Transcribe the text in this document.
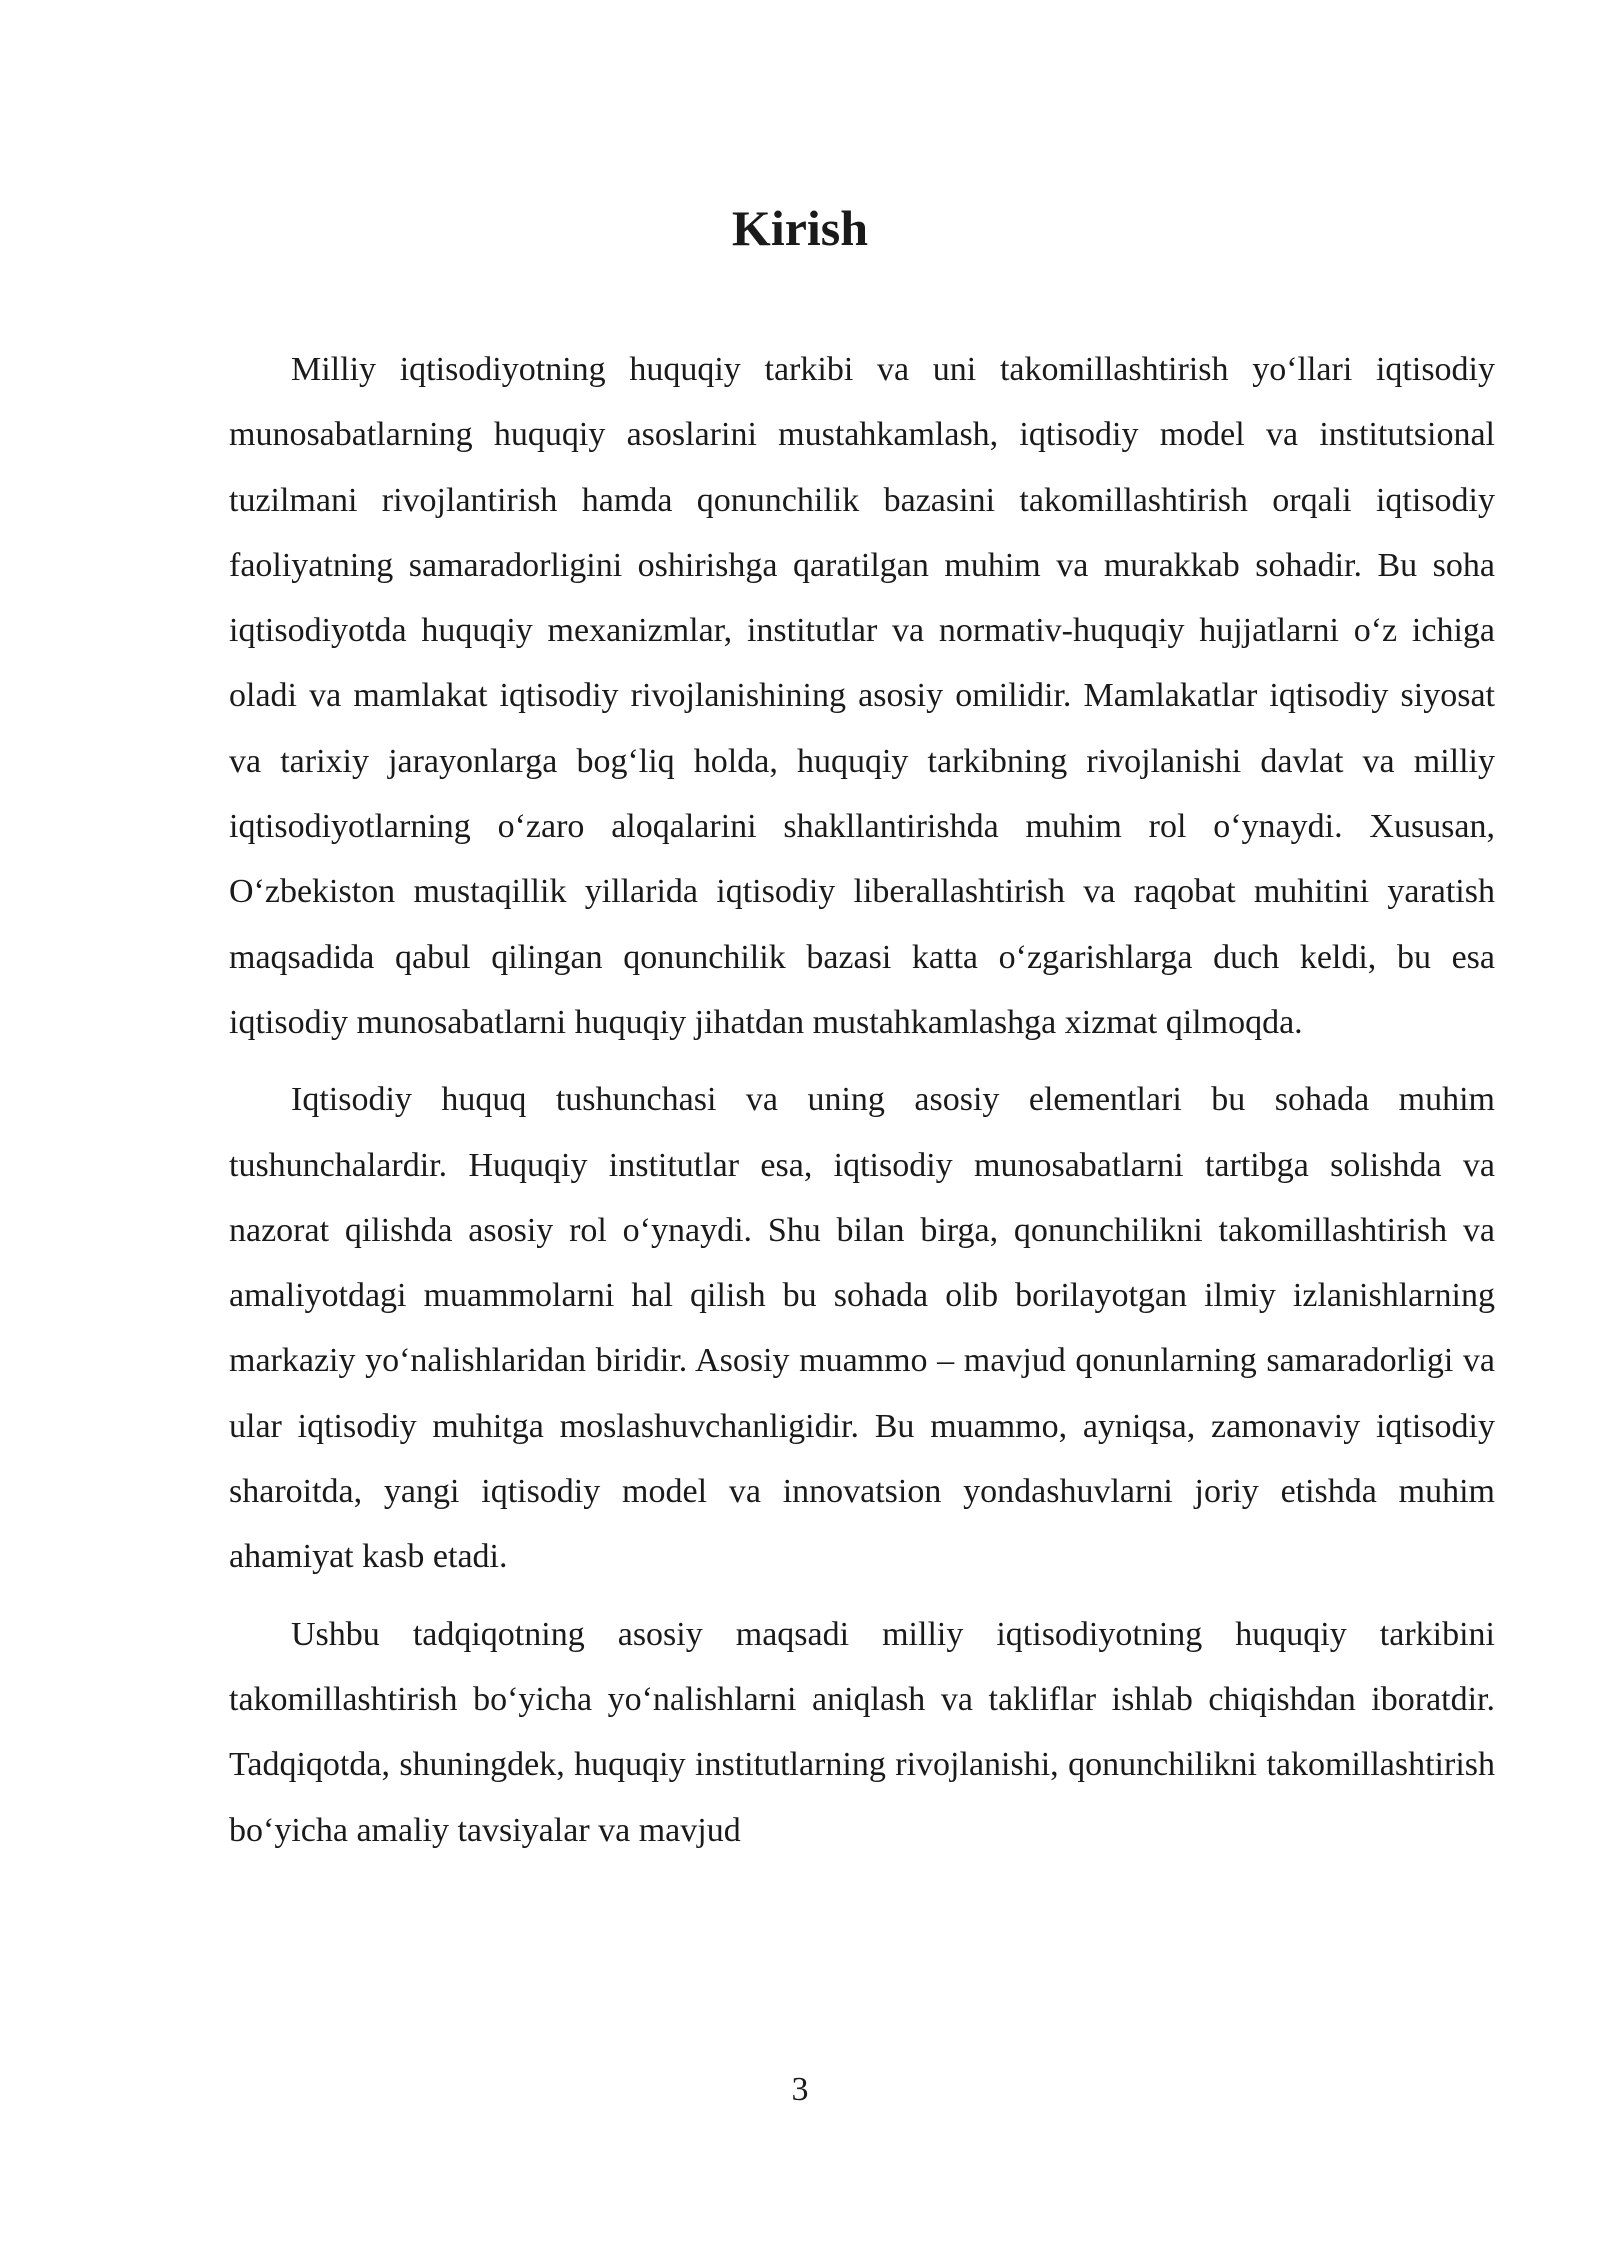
Kirish

Milliy iqtisodiyotning huquqiy tarkibi va uni takomillashtirish yo‘llari iqtisodiy munosabatlarning huquqiy asoslarini mustahkamlash, iqtisodiy model va institutsional tuzilmani rivojlantirish hamda qonunchilik bazasini takomillashtirish orqali iqtisodiy faoliyatning samaradorligini oshirishga qaratilgan muhim va murakkab sohadir. Bu soha iqtisodiyotda huquqiy mexanizmlar, institutlar va normativ-huquqiy hujjatlarni o‘z ichiga oladi va mamlakat iqtisodiy rivojlanishining asosiy omilidir. Mamlakatlar iqtisodiy siyosat va tarixiy jarayonlarga bog‘liq holda, huquqiy tarkibning rivojlanishi davlat va milliy iqtisodiyotlarning o‘zaro aloqalarini shakllantirishda muhim rol o‘ynaydi. Xususan, O‘zbekiston mustaqillik yillarida iqtisodiy liberallashtirish va raqobat muhitini yaratish maqsadida qabul qilingan qonunchilik bazasi katta o‘zgarishlarga duch keldi, bu esa iqtisodiy munosabatlarni huquqiy jihatdan mustahkamlashga xizmat qilmoqda.

Iqtisodiy huquq tushunchasi va uning asosiy elementlari bu sohada muhim tushunchalardir. Huquqiy institutlar esa, iqtisodiy munosabatlarni tartibga solishda va nazorat qilishda asosiy rol o‘ynaydi. Shu bilan birga, qonunchilikni takomillashtirish va amaliyotdagi muammolarni hal qilish bu sohada olib borilayotgan ilmiy izlanishlarning markaziy yo‘nalishlaridan biridir. Asosiy muammo – mavjud qonunlarning samaradorligi va ular iqtisodiy muhitga moslashuvchanligidir. Bu muammo, ayniqsa, zamonaviy iqtisodiy sharoitda, yangi iqtisodiy model va innovatsion yondashuvlarni joriy etishda muhim ahamiyat kasb etadi.

Ushbu tadqiqotning asosiy maqsadi milliy iqtisodiyotning huquqiy tarkibini takomillashtirish bo‘yicha yo‘nalishlarni aniqlash va takliflar ishlab chiqishdan iboratdir. Tadqiqotda, shuningdek, huquqiy institutlarning rivojlanishi, qonunchilikni takomillashtirish bo‘yicha amaliy tavsiyalar va mavjud

3
